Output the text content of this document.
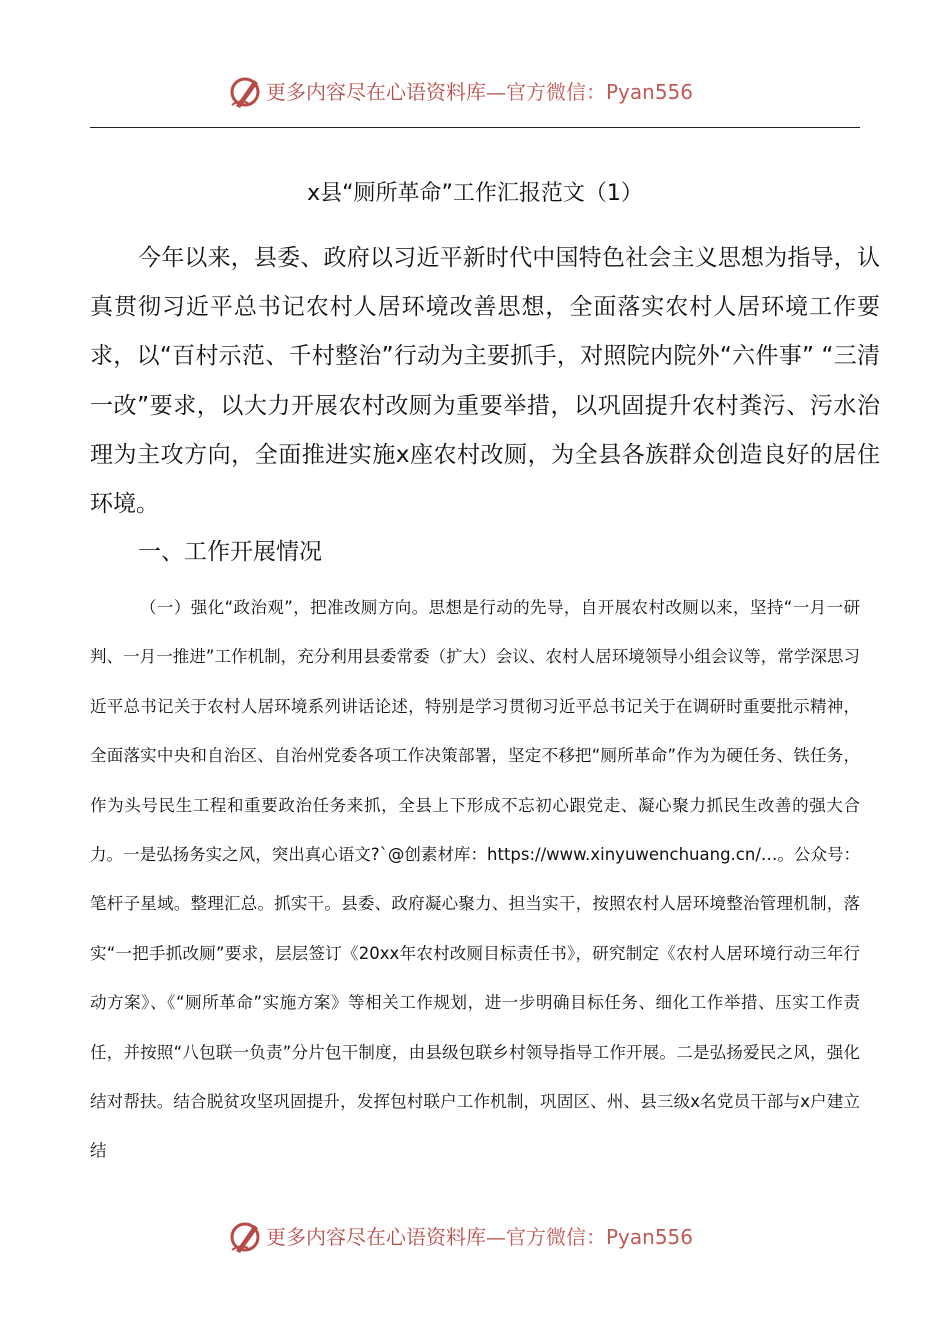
更多内容尽在心语资料库—官方微信：Pyan556
x县“厕所革命”工作汇报范文（1）

今年以来，县委、政府以习近平新时代中国特色社会主义思想为指导，认真贯彻习近平总书记农村人居环境改善思想，全面落实农村人居环境工作要求，以“百村示范、千村整治”行动为主要抓手，对照院内院外“六件事” “三清一改”要求，以大力开展农村改厕为重要举措，以巩固提升农村粪污、污水治理为主攻方向，全面推进实施x座农村改厕，为全县各族群众创造良好的居住环境。

一、工作开展情况

（一）强化“政治观”，把准改厕方向。思想是行动的先导，自开展农村改厕以来，坚持“一月一研判、一月一推进”工作机制，充分利用县委常委（扩大）会议、农村人居环境领导小组会议等，常学深思习近平总书记关于农村人居环境系列讲话论述，特别是学习贯彻习近平总书记关于在调研时重要批示精神，全面落实中央和自治区、自治州党委各项工作决策部署，坚定不移把“厕所革命”作为为硬任务、铁任务，作为头号民生工程和重要政治任务来抓，全县上下形成不忘初心跟党走、凝心聚力抓民生改善的强大合力。一是弘扬务实之风，突出真心语文?`@创素材库：https://www.xinyuwenchuang.cn/…。公众号：笔杆子星域。整理汇总。抓实干。县委、政府凝心聚力、担当实干，按照农村人居环境整治管理机制，落实“一把手抓改厕”要求，层层签订《20xx年农村改厕目标责任书》，研究制定《农村人居环境行动三年行动方案》、《“厕所革命”实施方案》等相关工作规划，进一步明确目标任务、细化工作举措、压实工作责任，并按照“八包联一负责”分片包干制度，由县级包联乡村领导指导工作开展。二是弘扬爱民之风，强化结对帮扶。结合脱贫攻坚巩固提升，发挥包村联户工作机制，巩固区、州、县三级x名党员干部与x户建立结

更多内容尽在心语资料库—官方微信：Pyan556
